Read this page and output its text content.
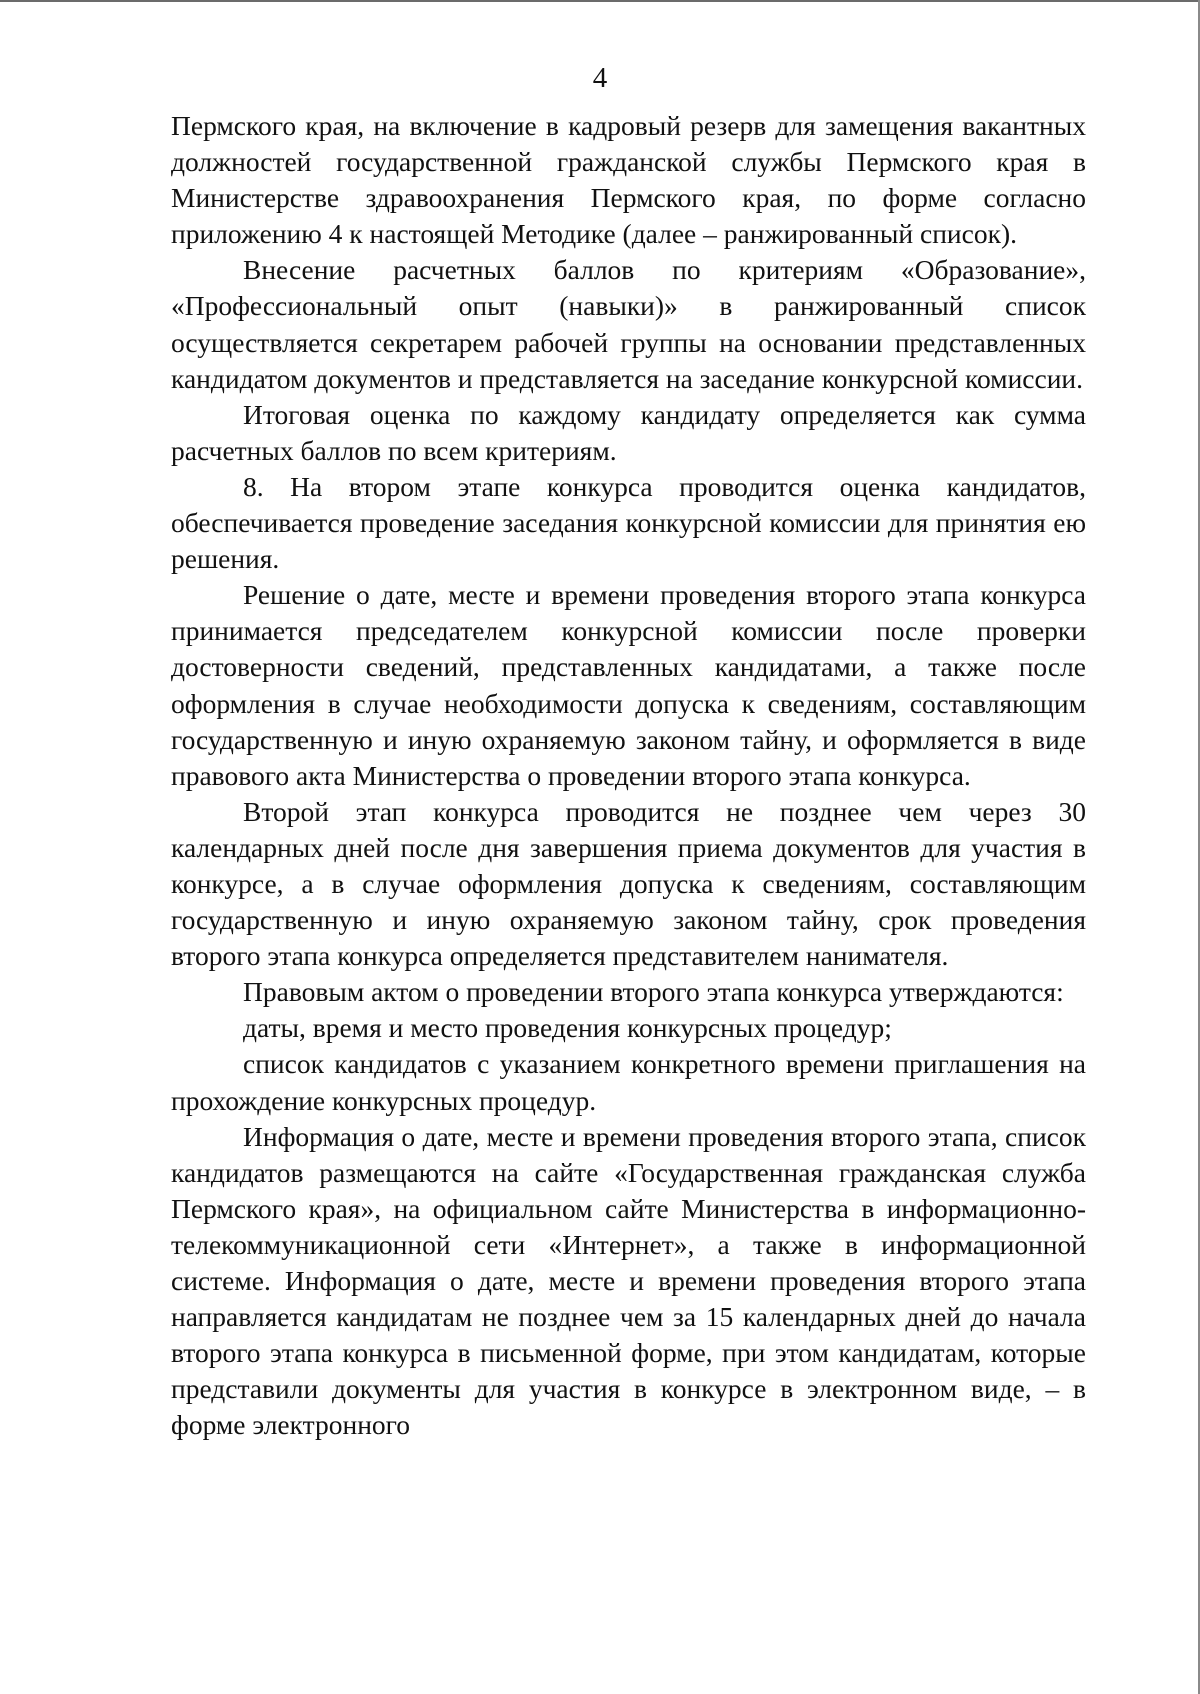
4

Пермского края, на включение в кадровый резерв для замещения вакантных должностей государственной гражданской службы Пермского края в Министерстве здравоохранения Пермского края, по форме согласно приложению 4 к настоящей Методике (далее – ранжированный список).

Внесение расчетных баллов по критериям «Образование», «Профессиональный опыт (навыки)» в ранжированный список осуществляется секретарем рабочей группы на основании представленных кандидатом документов и представляется на заседание конкурсной комиссии.

Итоговая оценка по каждому кандидату определяется как сумма расчетных баллов по всем критериям.

8. На втором этапе конкурса проводится оценка кандидатов, обеспечивается проведение заседания конкурсной комиссии для принятия ею решения.

Решение о дате, месте и времени проведения второго этапа конкурса принимается председателем конкурсной комиссии после проверки достоверности сведений, представленных кандидатами, а также после оформления в случае необходимости допуска к сведениям, составляющим государственную и иную охраняемую законом тайну, и оформляется в виде правового акта Министерства о проведении второго этапа конкурса.

Второй этап конкурса проводится не позднее чем через 30 календарных дней после дня завершения приема документов для участия в конкурсе, а в случае оформления допуска к сведениям, составляющим государственную и иную охраняемую законом тайну, срок проведения второго этапа конкурса определяется представителем нанимателя.

Правовым актом о проведении второго этапа конкурса утверждаются:

даты, время и место проведения конкурсных процедур;

список кандидатов с указанием конкретного времени приглашения на прохождение конкурсных процедур.

Информация о дате, месте и времени проведения второго этапа, список кандидатов размещаются на сайте «Государственная гражданская служба Пермского края», на официальном сайте Министерства в информационно-телекоммуникационной сети «Интернет», а также в информационной системе. Информация о дате, месте и времени проведения второго этапа направляется кандидатам не позднее чем за 15 календарных дней до начала второго этапа конкурса в письменной форме, при этом кандидатам, которые представили документы для участия в конкурсе в электронном виде, – в форме электронного
